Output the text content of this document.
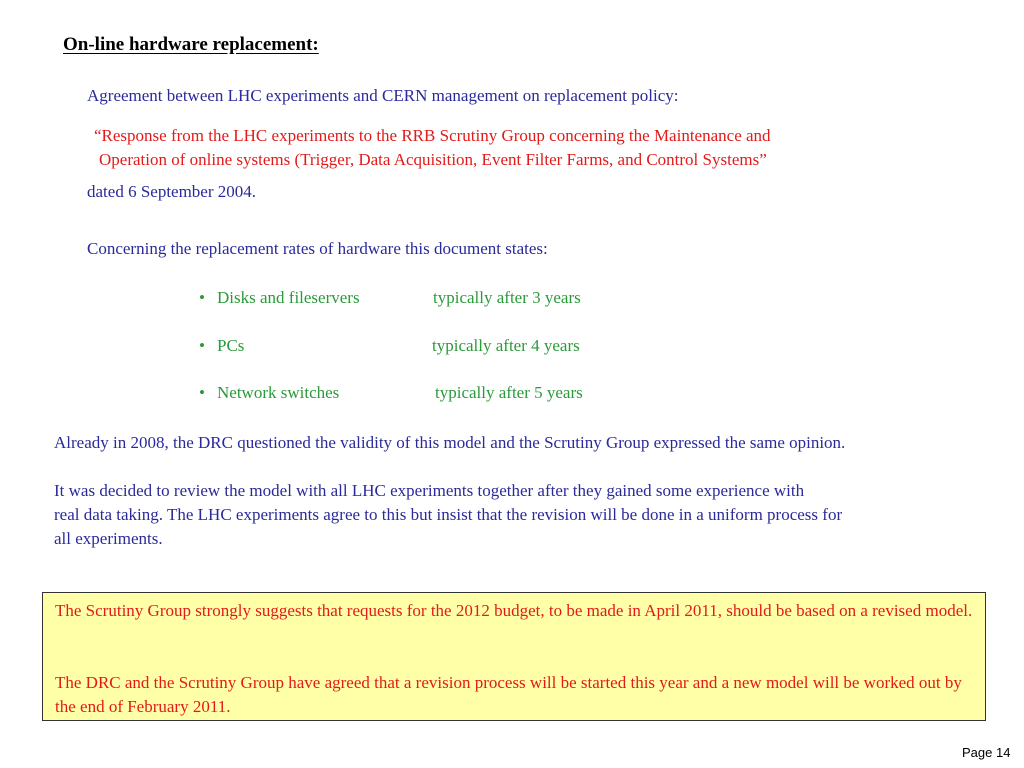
On-line hardware replacement:
Agreement between LHC experiments and CERN management on replacement policy:
“Response from the LHC experiments to the RRB Scrutiny Group concerning the Maintenance and
Operation of online systems (Trigger, Data Acquisition, Event Filter Farms, and Control Systems”
dated 6 September 2004.
Concerning the replacement rates of hardware this document states:
• Disks and fileservers	typically after 3 years
• PCs	typically after 4 years
• Network switches	typically after 5 years
Already in 2008, the DRC questioned the validity of this model and the Scrutiny Group expressed the same opinion.
It was decided to review the model with all LHC experiments together after they gained some experience with
real data taking. The LHC experiments agree to this but insist that the revision will be done in a uniform process for
all experiments.
The Scrutiny Group strongly suggests that requests for the 2012 budget, to be made in April 2011, should be based on a revised model.
The DRC and the Scrutiny Group have agreed that a revision process will be started this year and a new model will be worked out by the end of February 2011.
Page 14
